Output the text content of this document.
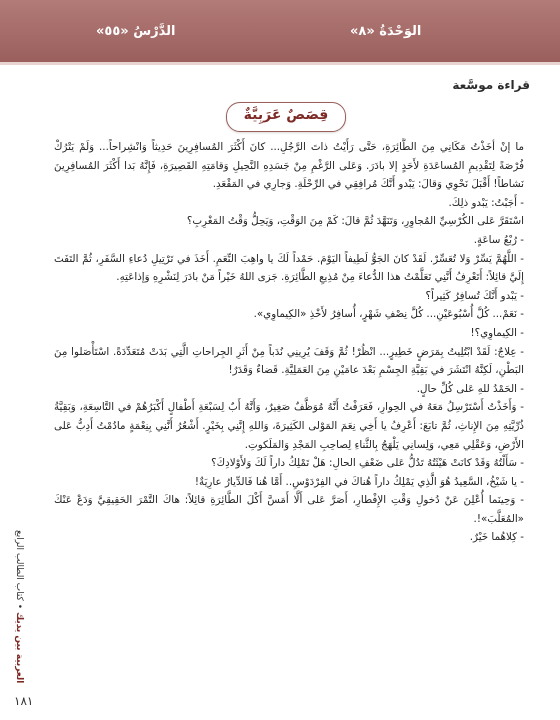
الدَّرْسُ «٥٥»	الوَحْدَةُ «٨»
قراءة موسَّعة
قِصَصٌ عَرَبِيَّةٌ
العربية بين يديك • كتاب الطالب الرابع

ما إنْ أخَذْتُ مَكَانِي مِنَ الطَّائِرَةِ، حَتَّى رَأَيْتُ ذاتَ الرَّجُلِ... كانَ أَكْثَرَ المُسافِرِينَ حَدِيثاً وَانْشِراحاً... وَلَمْ يَتْرُكْ فُرْصَةً لِتَقْدِيمِ المُساعَدَةِ لأَحَدٍ إلا بادَرَ. وَعَلى الرَّغْمِ مِنْ جَسَدِهِ النَّحِيلِ وَقامَتِهِ القَصِيرَةِ، فَإِنَّهُ بَدا أَكْثَرَ المُسافِرِينَ نَشاطاً! أَقْبَلَ نَحْوِي وَقالَ: يَبْدو أَنَّكَ مُرافِقِي في الرِّحْلَةِ. وَجارِي في المَقْعَدِ.

- أَجَبْتُ: يَبْدو ذلِكَ.

اسْتَقَرَّ عَلى الكُرْسِيِّ المُجاوِرِ، وَتَنَهَّدَ ثُمَّ قالَ: كَمْ مِنَ الوَقْتِ، وَيَحِلُّ وَقْتُ المَغْرِبِ؟

- رُبْعُ ساعَةٍ.

- اللَّهُمَّ يَسِّرْ وَلا تُعَسِّرْ. لَقَدْ كانَ الجَوُّ لَطِيفاً اليَوْمَ. حَمْداً لَكَ يا واهِبَ النِّعَمِ. أَخَذَ في تَرْتِيلِ دُعاءِ السَّفَرِ، ثُمَّ التَفَتَ إِلَيَّ قائِلاً: أَتَعْرِفُ أَنَّنِي تَعَلَّمْتُ هذا الدُّعاءَ مِنْ مُذِيعِ الطَّائِرَةِ. جَزى اللهُ خَيْراً مَنْ بادَرَ لِنَشْرِهِ وَإذاعَتِهِ.

- يَبْدو أَنَّكَ تُسافِرُ كَثِيراً؟

- نَعَمْ... كُلَّ أُسْبُوعَيْنِ... كُلَّ نِصْفِ شَهْرٍ، أُسافِرُ لأَخْذِ «الكِيماوِي».

- الكِيماوِي؟!

- عِلاجٌ: لَقَدْ ابْتُلِيتُ بِمَرَضٍ خَطِيرٍ... انْظُرْ! ثُمَّ وَقَفَ يُرِينِي نُدَباً مِنْ أَثَرِ الجِراحاتِ الَّتِي بَدَتْ مُتَعَدِّدَةً. اسْتَأْصَلوا مِنَ البَطْنِ، لَكِنَّهُ انْتَشَرَ في بَقِيَّةِ الجِسْمِ بَعْدَ عامَيْنِ مِنَ العَمَلِيَّةِ. قَضاءٌ وَقَدَرٌ!

- الحَمْدُ للهِ عَلى كُلِّ حالٍ.

- وَأَخَذْتُ أَسْتَرْسِلُ مَعَهُ في الحِوارِ، فَعَرَفْتُ أَنَّهُ مُوَظَّفٌ صَغِيرٌ، وَأَنَّهُ أَبٌ لِسَبْعَةِ أَطْفالٍ أَكْبَرُهُمْ في التَّاسِعَةِ، وَبَقِيَّةُ ذُرِّيَّتِهِ مِنَ الإِناثِ، ثُمَّ تابَعَ: أَعْرِفُ يا أَخِي نِعَمَ المَوْلى الكَثِيرَةَ، وَاللهِ إِنَّنِي بِخَيْرٍ. أَشْعُرُ أَنَّنِي بِنِعْمَةٍ مادُمْتُ أَدِبُّ عَلى الأَرْضِ، وَعَقْلِي مَعِي، وَلِسانِي يَلْهَجُ بِالثَّناءِ لِصاحِبِ المَجْدِ وَالمَلَكوتِ.

- سَأَلْتُهُ وَقَدْ كانَتْ هَيْئَتُهُ تَدُلُّ عَلى ضَعْفِ الحالِ: هَلْ تَمْلِكُ داراً لَكَ وَلأَوْلادِكَ؟

- يا شَيْخُ، السَّعِيدُ هُوَ الَّذِي يَمْلِكُ داراً هُناكَ في الفِرْدَوْسِ.. أَمَّا هُنا فَالدِّيارُ عارِيَةٌ!

- وَحِينَما أُعْلِنَ عَنْ دُخولِ وَقْتِ الإِفْطارِ، أَصَرَّ عَلى أَلَّا أَمَسَّ أَكْلَ الطَّائِرَةِ قائِلاً: هاكَ التَّمْرَ الحَقِيقِيَّ وَدَعْ عَنْكَ «المُعَلَّبَ»!.

- كِلاهُما خَيْرٌ.

١٨١
